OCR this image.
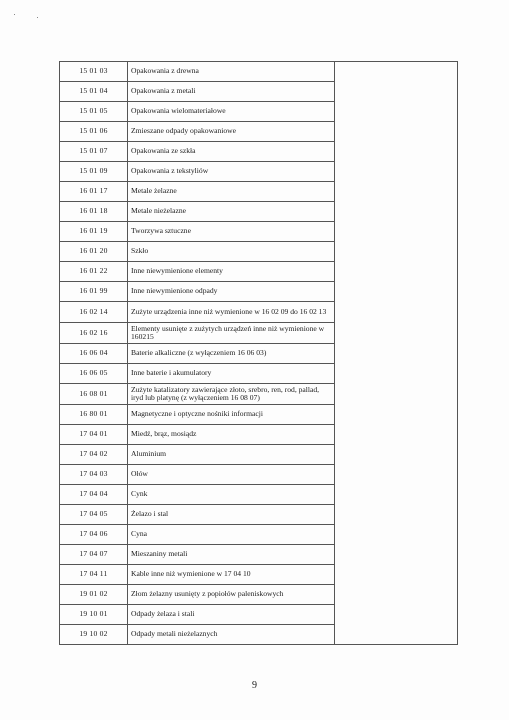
15 01 03	Opakowania z drewna	
15 01 04	Opakowania z metali	
15 01 05	Opakowania wielomateriałowe	
15 01 06	Zmieszane odpady opakowaniowe	
15 01 07	Opakowania ze szkła	
15 01 09	Opakowania z tekstyliów	
16 01 17	Metale żelazne	
16 01 18	Metale nieżelazne	
16 01 19	Tworzywa sztuczne	
16 01 20	Szkło	
16 01 22	Inne niewymienione elementy	
16 01 99	Inne niewymienione odpady	
16 02 14	Zużyte urządzenia inne niż wymienione w 16 02 09 do 16 02 13	
16 02 16	Elementy usunięte z zużytych urządzeń inne niż wymienione w 160215	
16 06 04	Baterie alkaliczne (z wyłączeniem 16 06 03)	
16 06 05	Inne baterie i akumulatory	
16 08 01	Zużyte katalizatory zawierające złoto, srebro, ren, rod, pallad, iryd lub platynę (z wyłączeniem 16 08 07)	
16 80 01	Magnetyczne i optyczne nośniki informacji	
17 04 01	Miedź, brąz, mosiądz	
17 04 02	Aluminium	
17 04 03	Ołów	
17 04 04	Cynk	
17 04 05	Żelazo i stal	
17 04 06	Cyna	
17 04 07	Mieszaniny metali	
17 04 11	Kable inne niż wymienione w 17 04 10	
19 01 02	Złom żelazny usunięty z popiołów paleniskowych	
19 10 01	Odpady żelaza i stali	
19 10 02	Odpady metali nieżelaznych	
9
